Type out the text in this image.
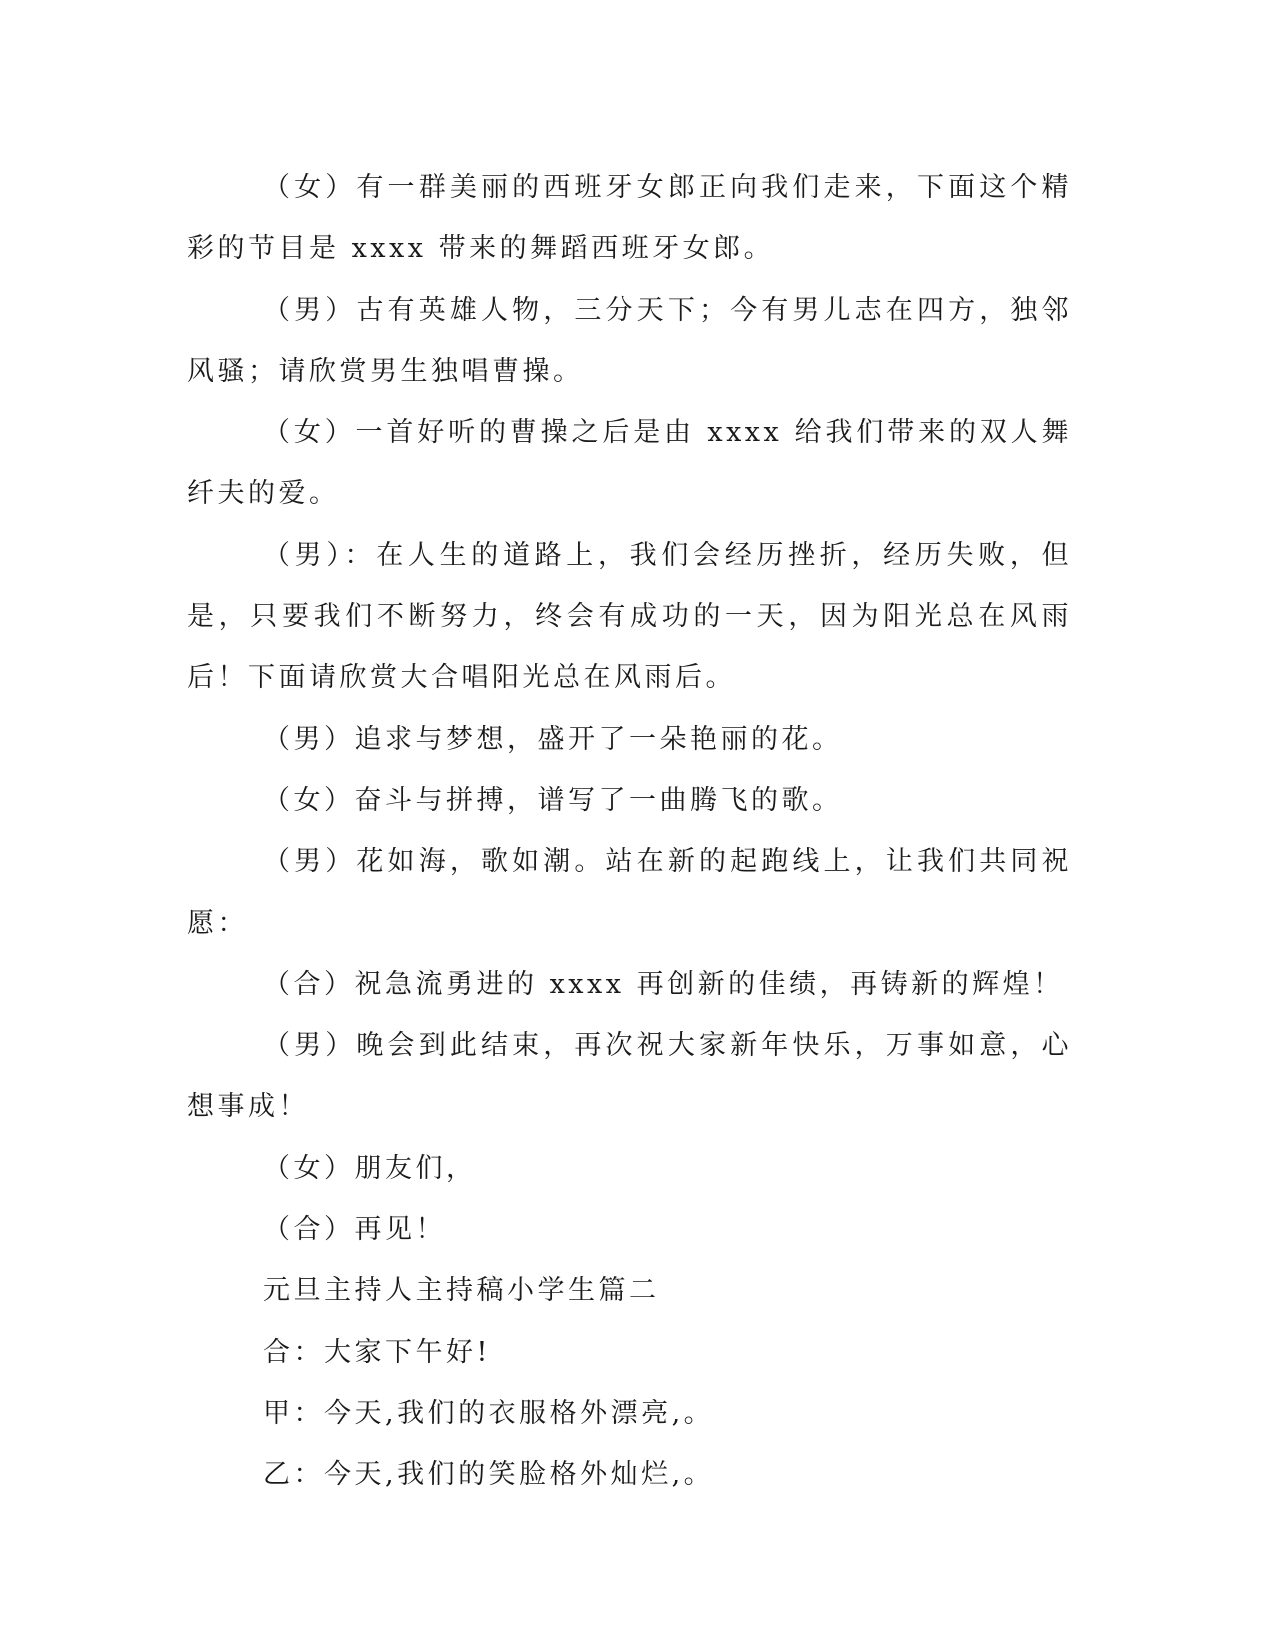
（女）有一群美丽的西班牙女郎正向我们走来，下面这个精彩的节目是 xxxx 带来的舞蹈西班牙女郎。

（男）古有英雄人物，三分天下；今有男儿志在四方，独邻风骚；请欣赏男生独唱曹操。

（女）一首好听的曹操之后是由 xxxx 给我们带来的双人舞纤夫的爱。

（男）：在人生的道路上，我们会经历挫折，经历失败，但是，只要我们不断努力，终会有成功的一天，因为阳光总在风雨后！下面请欣赏大合唱阳光总在风雨后。

（男）追求与梦想，盛开了一朵艳丽的花。

（女）奋斗与拼搏，谱写了一曲腾飞的歌。

（男）花如海，歌如潮。站在新的起跑线上，让我们共同祝愿：

（合）祝急流勇进的 xxxx 再创新的佳绩，再铸新的辉煌！

（男）晚会到此结束，再次祝大家新年快乐，万事如意，心想事成！

（女）朋友们，

（合）再见！

元旦主持人主持稿小学生篇二

合：大家下午好!

甲：今天,我们的衣服格外漂亮,。

乙：今天,我们的笑脸格外灿烂,。
